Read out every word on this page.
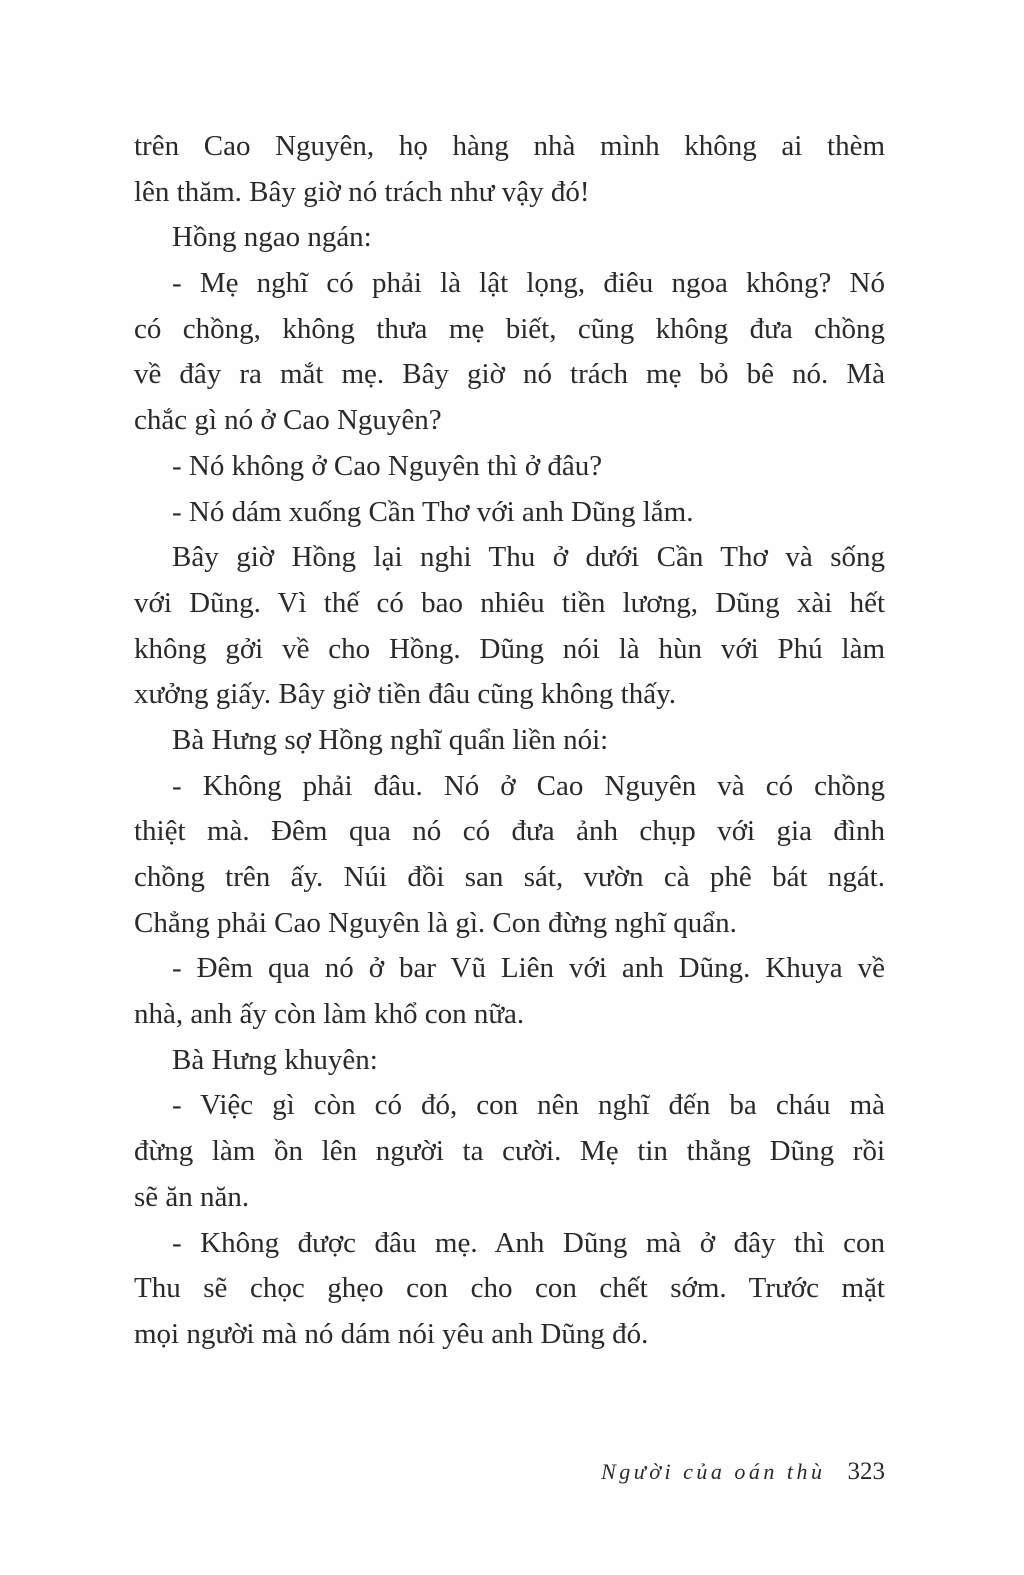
trên Cao Nguyên, họ hàng nhà mình không ai thèm
lên thăm. Bây giờ nó trách như vậy đó!
Hồng ngao ngán:
- Mẹ nghĩ có phải là lật lọng, điêu ngoa không? Nó
có chồng, không thưa mẹ biết, cũng không đưa chồng
về đây ra mắt mẹ. Bây giờ nó trách mẹ bỏ bê nó. Mà
chắc gì nó ở Cao Nguyên?
- Nó không ở Cao Nguyên thì ở đâu?
- Nó dám xuống Cần Thơ với anh Dũng lắm.
Bây giờ Hồng lại nghi Thu ở dưới Cần Thơ và sống
với Dũng. Vì thế có bao nhiêu tiền lương, Dũng xài hết
không gởi về cho Hồng. Dũng nói là hùn với Phú làm
xưởng giấy. Bây giờ tiền đâu cũng không thấy.
Bà Hưng sợ Hồng nghĩ quẩn liền nói:
- Không phải đâu. Nó ở Cao Nguyên và có chồng
thiệt mà. Đêm qua nó có đưa ảnh chụp với gia đình
chồng trên ấy. Núi đồi san sát, vườn cà phê bát ngát.
Chẳng phải Cao Nguyên là gì. Con đừng nghĩ quẩn.
- Đêm qua nó ở bar Vũ Liên với anh Dũng. Khuya về
nhà, anh ấy còn làm khổ con nữa.
Bà Hưng khuyên:
- Việc gì còn có đó, con nên nghĩ đến ba cháu mà
đừng làm ồn lên người ta cười. Mẹ tin thằng Dũng rồi
sẽ ăn năn.
- Không được đâu mẹ. Anh Dũng mà ở đây thì con
Thu sẽ chọc ghẹo con cho con chết sớm. Trước mặt
mọi người mà nó dám nói yêu anh Dũng đó.
Người của oán thù 323
